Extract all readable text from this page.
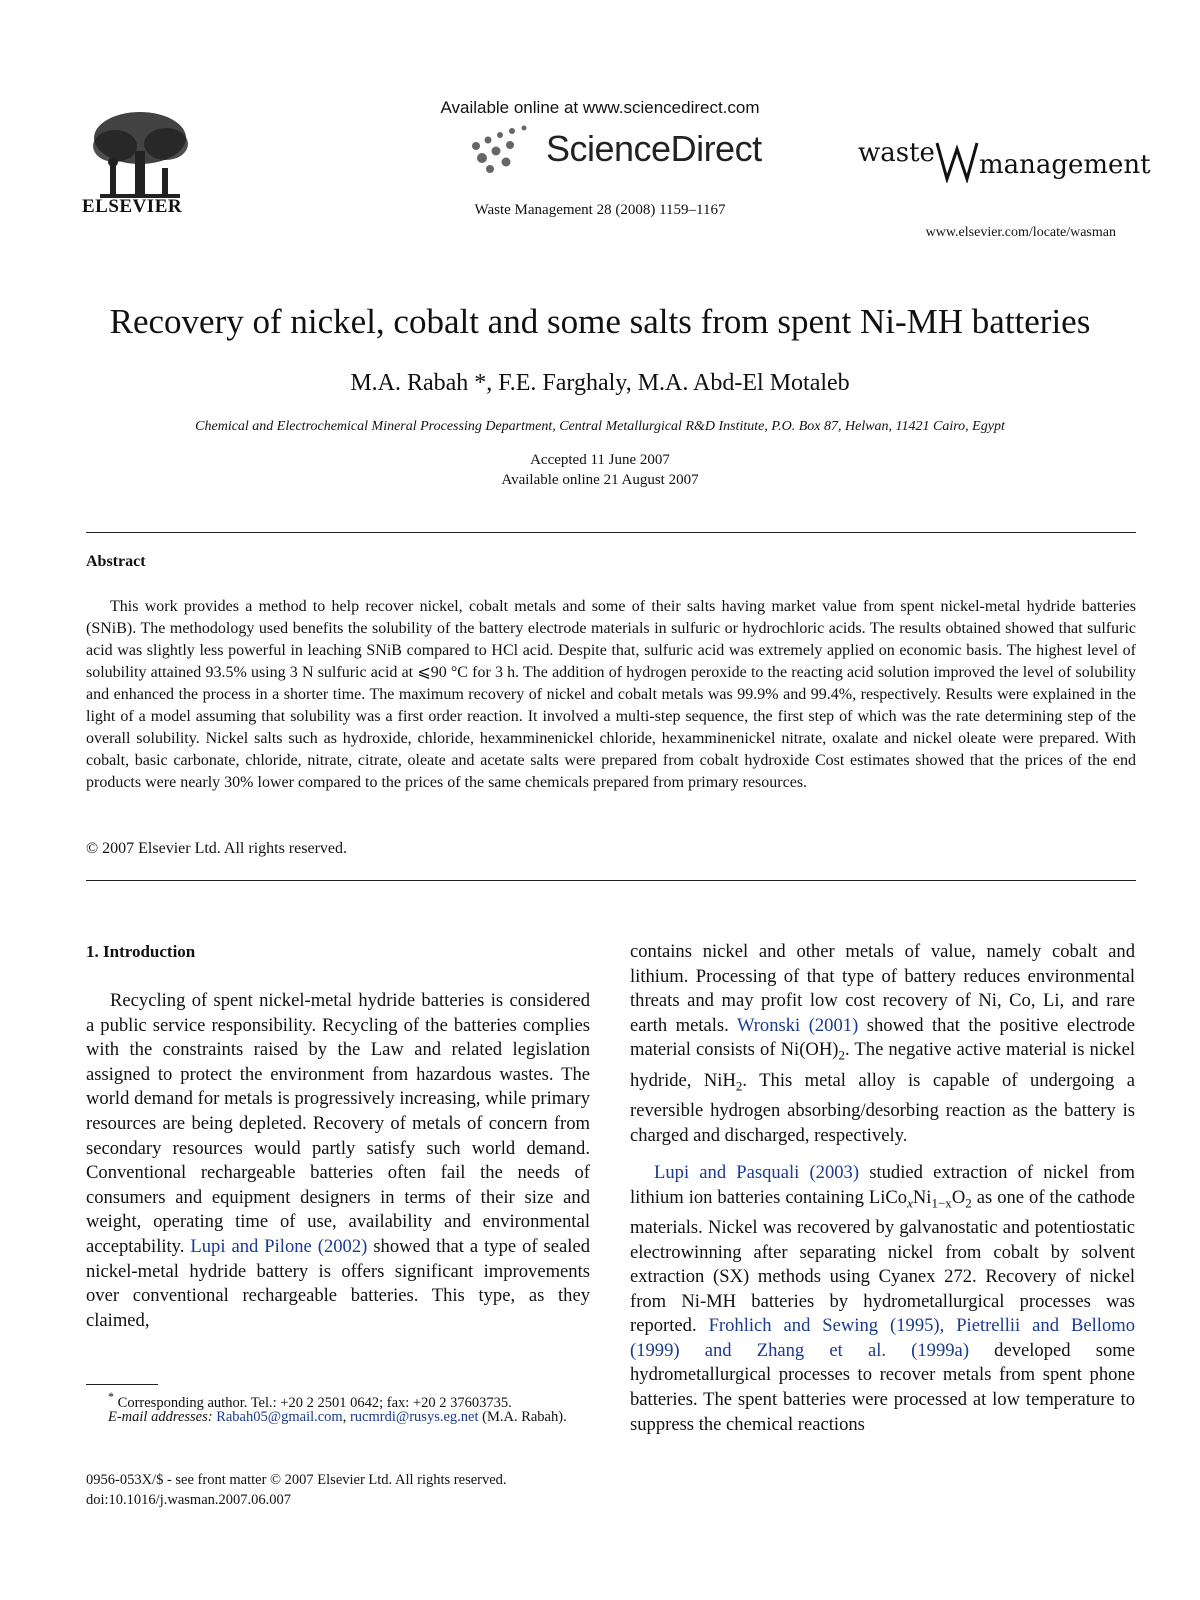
ELSEVIER
Available online at www.sciencedirect.com
ScienceDirect
Waste Management 28 (2008) 1159–1167
waste management
www.elsevier.com/locate/wasman
Recovery of nickel, cobalt and some salts from spent Ni-MH batteries
M.A. Rabah *, F.E. Farghaly, M.A. Abd-El Motaleb
Chemical and Electrochemical Mineral Processing Department, Central Metallurgical R&D Institute, P.O. Box 87, Helwan, 11421 Cairo, Egypt
Accepted 11 June 2007
Available online 21 August 2007
Abstract
This work provides a method to help recover nickel, cobalt metals and some of their salts having market value from spent nickel-metal hydride batteries (SNiB). The methodology used benefits the solubility of the battery electrode materials in sulfuric or hydrochloric acids. The results obtained showed that sulfuric acid was slightly less powerful in leaching SNiB compared to HCl acid. Despite that, sulfuric acid was extremely applied on economic basis. The highest level of solubility attained 93.5% using 3 N sulfuric acid at ⩽90 °C for 3 h. The addition of hydrogen peroxide to the reacting acid solution improved the level of solubility and enhanced the process in a shorter time. The maximum recovery of nickel and cobalt metals was 99.9% and 99.4%, respectively. Results were explained in the light of a model assuming that solubility was a first order reaction. It involved a multi-step sequence, the first step of which was the rate determining step of the overall solubility. Nickel salts such as hydroxide, chloride, hexamminenickel chloride, hexamminenickel nitrate, oxalate and nickel oleate were prepared. With cobalt, basic carbonate, chloride, nitrate, citrate, oleate and acetate salts were prepared from cobalt hydroxide Cost estimates showed that the prices of the end products were nearly 30% lower compared to the prices of the same chemicals prepared from primary resources.
© 2007 Elsevier Ltd. All rights reserved.
1. Introduction
Recycling of spent nickel-metal hydride batteries is considered a public service responsibility. Recycling of the batteries complies with the constraints raised by the Law and related legislation assigned to protect the environment from hazardous wastes. The world demand for metals is progressively increasing, while primary resources are being depleted. Recovery of metals of concern from secondary resources would partly satisfy such world demand. Conventional rechargeable batteries often fail the needs of consumers and equipment designers in terms of their size and weight, operating time of use, availability and environmental acceptability. Lupi and Pilone (2002) showed that a type of sealed nickel-metal hydride battery is offers significant improvements over conventional rechargeable batteries. This type, as they claimed,
contains nickel and other metals of value, namely cobalt and lithium. Processing of that type of battery reduces environmental threats and may profit low cost recovery of Ni, Co, Li, and rare earth metals. Wronski (2001) showed that the positive electrode material consists of $Ni(OH)_2$. The negative active material is nickel hydride, NiH$_2$. This metal alloy is capable of undergoing a reversible hydrogen absorbing/desorbing reaction as the battery is charged and discharged, respectively.
Lupi and Pasquali (2003) studied extraction of nickel from lithium ion batteries containing $LiCo_xNi_{1-x}O_2$ as one of the cathode materials. Nickel was recovered by galvanostatic and potentiostatic electrowinning after separating nickel from cobalt by solvent extraction (SX) methods using Cyanex 272. Recovery of nickel from Ni-MH batteries by hydrometallurgical processes was reported. Frohlich and Sewing (1995), Pietrellii and Bellomo (1999) and Zhang et al. (1999a) developed some hydrometallurgical processes to recover metals from spent phone batteries. The spent batteries were processed at low temperature to suppress the chemical reactions
* Corresponding author. Tel.: +20 2 2501 0642; fax: +20 2 37603735.
E-mail addresses: Rabah05@gmail.com, rucmrdi@rusys.eg.net (M.A. Rabah).
0956-053X/$ - see front matter © 2007 Elsevier Ltd. All rights reserved.
doi:10.1016/j.wasman.2007.06.007
